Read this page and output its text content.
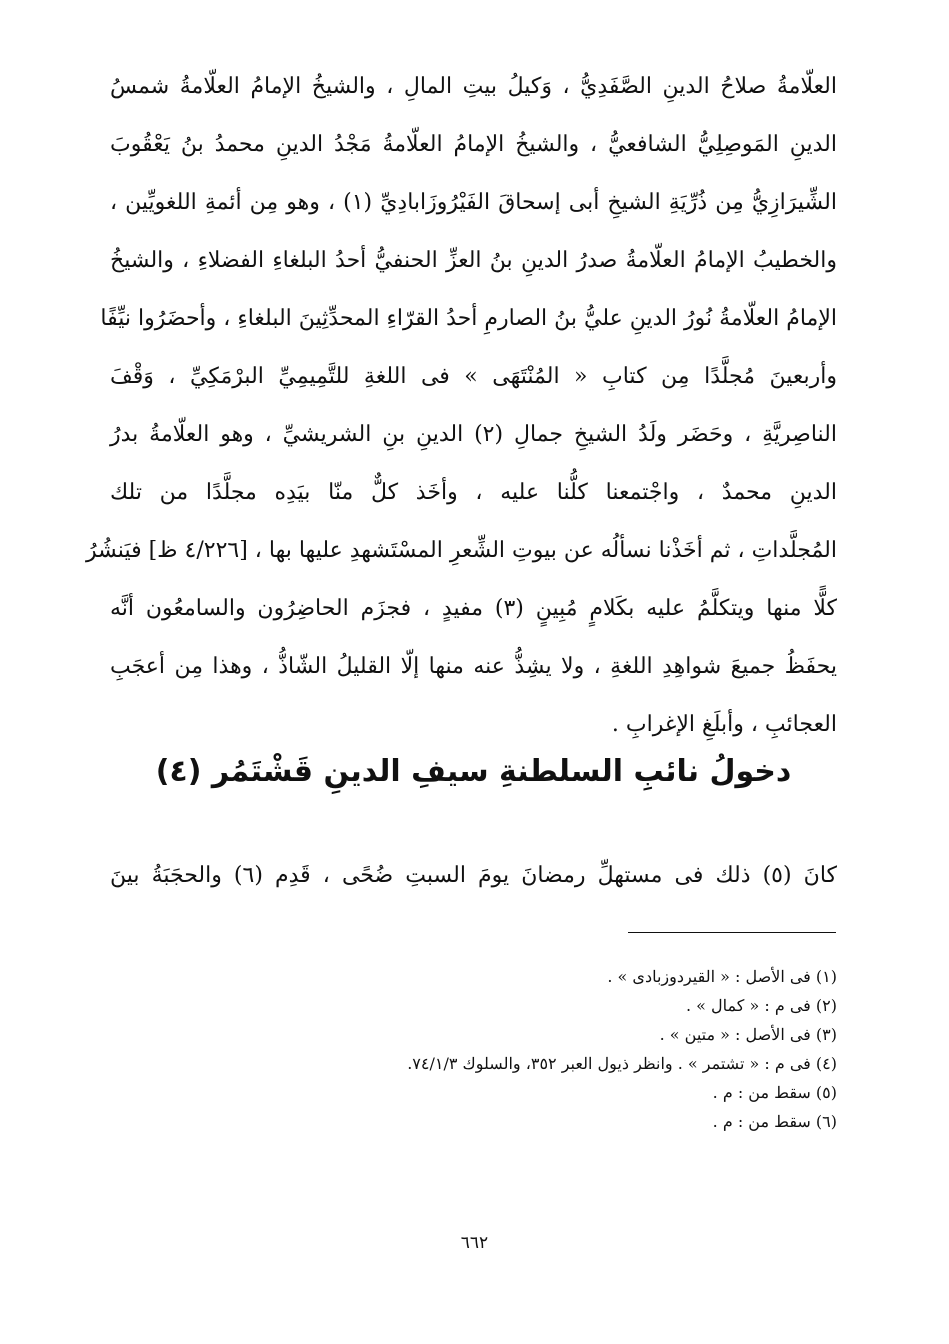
العلّامةُ صلاحُ الدينِ الصَّفَدِيُّ ، وَكيلُ بيتِ المالِ ، والشيخُ الإمامُ العلّامةُ شمسُ
الدينِ المَوصِلِيُّ الشافعيُّ ، والشيخُ الإمامُ العلّامةُ مَجْدُ الدينِ محمدُ بنُ يَعْقُوبَ
الشِّيرَازِيُّ مِن ذُرِّيَةِ الشيخِ أبى إسحاقَ الفَيْرُوزَابادِيِّ (١) ، وهو مِن أئمةِ اللغويِّين ،
والخطيبُ الإمامُ العلّامةُ صدرُ الدينِ بنُ العزِّ الحنفيُّ أحدُ البلغاءِ الفضلاءِ ، والشيخُ
الإمامُ العلّامةُ نُورُ الدينِ عليُّ بنُ الصارمِ أحدُ القرّاءِ المحدِّثِينَ البلغاءِ ، وأحضَرُوا نيِّفًا
وأربعينَ مُجلَّدًا مِن كتابِ « المُنْتَهَى » فى اللغةِ للتَّمِيمِيِّ البرْمَكِيِّ ، وَقْفَ
الناصِريَّةِ ، وحَضَر ولَدُ الشيخِ جمالِ (٢) الدينِ بنِ الشريشيِّ ، وهو العلّامةُ بدرُ
الدينِ محمدٌ ، واجْتمعنا كلُّنا عليه ، وأخَذ كلٌّ منّا بيَدِه مجلَّدًا من تلك
المُجلَّداتِ ، ثم أخَذْنا نسألُه عن بيوتِ الشِّعرِ المسْتَشهدِ عليها بها ، [٤/٢٢٦ ظ] فيَنشُرُ
كلًّا منها ويتكلَّمُ عليه بكَلامٍ مُبِينٍ (٣) مفيدٍ ، فجزَم الحاضِرُون والسامعُون أنَّه
يحفَظُ جميعَ شواهِدِ اللغةِ ، ولا يشِذُّ عنه منها إلّا القليلُ الشّاذُّ ، وهذا مِن أعجَبِ
العجائبِ ، وأبلَغِ الإغرابِ .
دخولُ نائبِ السلطنةِ سيفِ الدينِ قَشْتَمُر (٤)
كانَ (٥) ذلك فى مستهلِّ رمضانَ يومَ السبتِ ضُحًى ، قَدِم (٦) والحجَبَةُ بينَ
(١) فى الأصل : « القيردوزبادى » .
(٢) فى م : « كمال » .
(٣) فى الأصل : « متين » .
(٤) فى م : « تشتمر » . وانظر ذيول العبر ٣٥٢، والسلوك ٧٤/١/٣.
(٥) سقط من : م .
(٦) سقط من : م .
٦٦٢
